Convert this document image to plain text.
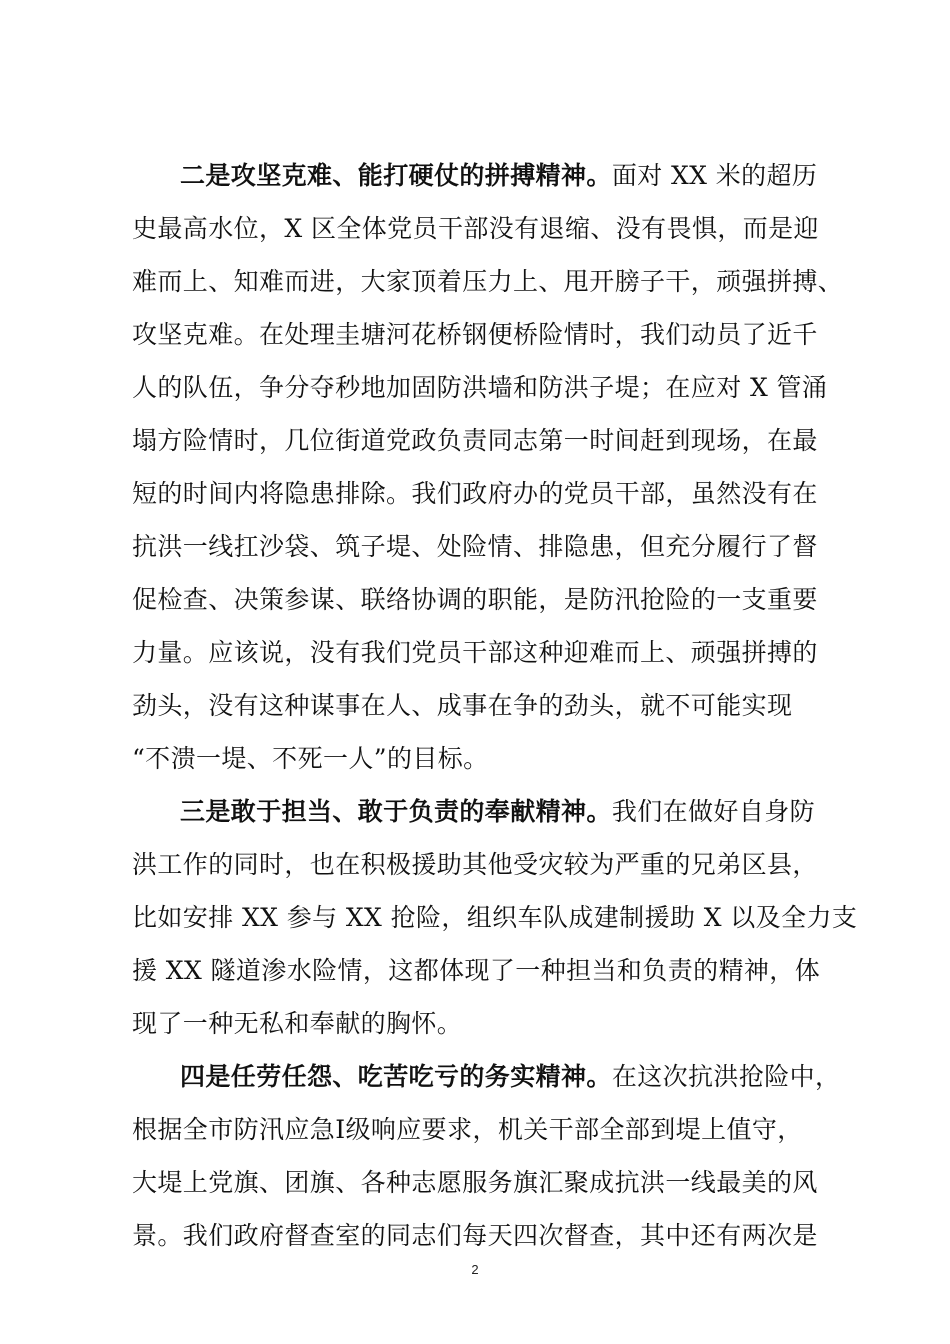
二是攻坚克难、能打硬仗的拼搏精神。面对 XX 米的超历
史最高水位，X 区全体党员干部没有退缩、没有畏惧，而是迎
难而上、知难而进，大家顶着压力上、甩开膀子干，顽强拼搏、
攻坚克难。在处理圭塘河花桥钢便桥险情时，我们动员了近千
人的队伍，争分夺秒地加固防洪墙和防洪子堤；在应对 X 管涌
塌方险情时，几位街道党政负责同志第一时间赶到现场，在最
短的时间内将隐患排除。我们政府办的党员干部，虽然没有在
抗洪一线扛沙袋、筑子堤、处险情、排隐患，但充分履行了督
促检查、决策参谋、联络协调的职能，是防汛抢险的一支重要
力量。应该说，没有我们党员干部这种迎难而上、顽强拼搏的
劲头，没有这种谋事在人、成事在争的劲头，就不可能实现
“不溃一堤、不死一人”的目标。
三是敢于担当、敢于负责的奉献精神。我们在做好自身防
洪工作的同时，也在积极援助其他受灾较为严重的兄弟区县，
比如安排 XX 参与 XX 抢险，组织车队成建制援助 X 以及全力支
援 XX 隧道渗水险情，这都体现了一种担当和负责的精神，体
现了一种无私和奉献的胸怀。
四是任劳任怨、吃苦吃亏的务实精神。在这次抗洪抢险中，
根据全市防汛应急Ⅰ级响应要求，机关干部全部到堤上值守，
大堤上党旗、团旗、各种志愿服务旗汇聚成抗洪一线最美的风
景。我们政府督查室的同志们每天四次督查，其中还有两次是
2
